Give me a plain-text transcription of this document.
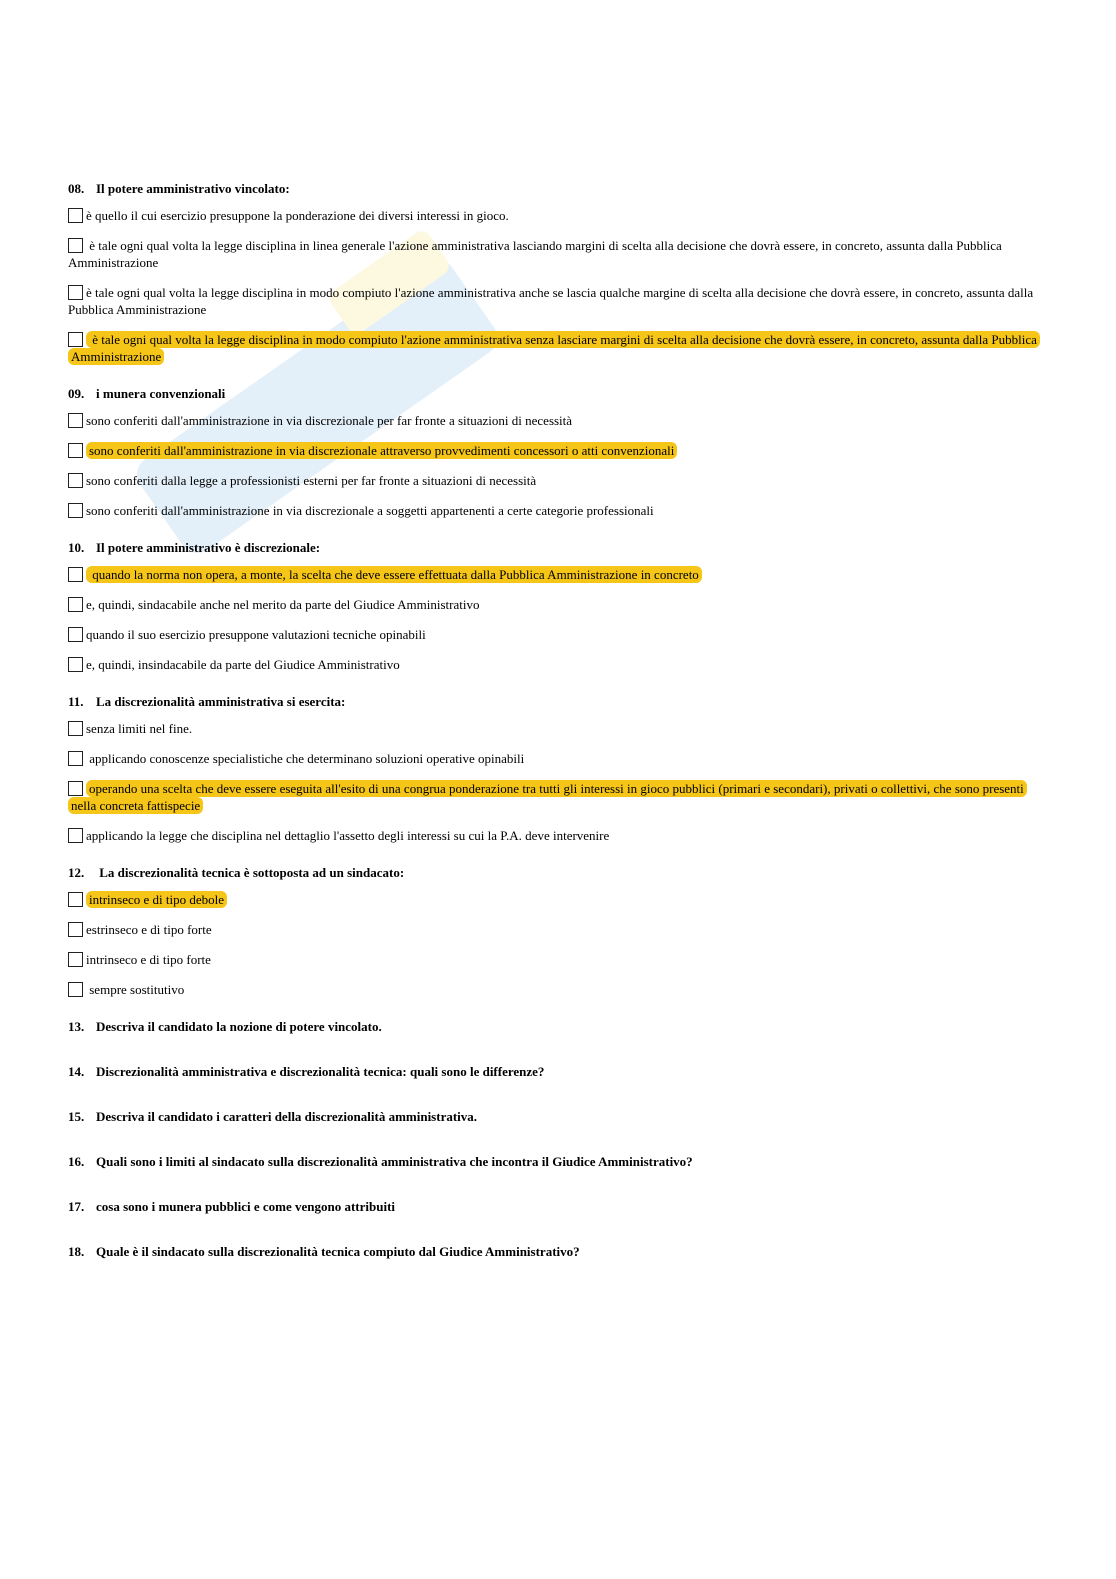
08. Il potere amministrativo vincolato:
è quello il cui esercizio presuppone la ponderazione dei diversi interessi in gioco.
è tale ogni qual volta la legge disciplina in linea generale l'azione amministrativa lasciando margini di scelta alla decisione che dovrà essere, in concreto, assunta dalla Pubblica Amministrazione
è tale ogni qual volta la legge disciplina in modo compiuto l'azione amministrativa anche se lascia qualche margine di scelta alla decisione che dovrà essere, in concreto, assunta dalla Pubblica Amministrazione
è tale ogni qual volta la legge disciplina in modo compiuto l'azione amministrativa senza lasciare margini di scelta alla decisione che dovrà essere, in concreto, assunta dalla Pubblica Amministrazione
09. i munera convenzionali
sono conferiti dall'amministrazione in via discrezionale per far fronte a situazioni di necessità
sono conferiti dall'amministrazione in via discrezionale attraverso provvedimenti concessori o atti convenzionali
sono conferiti dalla legge a professionisti esterni per far fronte a situazioni di necessità
sono conferiti dall'amministrazione in via discrezionale a soggetti appartenenti a certe categorie professionali
10. Il potere amministrativo è discrezionale:
quando la norma non opera, a monte, la scelta che deve essere effettuata dalla Pubblica Amministrazione in concreto
e, quindi, sindacabile anche nel merito da parte del Giudice Amministrativo
quando il suo esercizio presuppone valutazioni tecniche opinabili
e, quindi, insindacabile da parte del Giudice Amministrativo
11. La discrezionalità amministrativa si esercita:
senza limiti nel fine.
applicando conoscenze specialistiche che determinano soluzioni operative opinabili
operando una scelta che deve essere eseguita all'esito di una congrua ponderazione tra tutti gli interessi in gioco pubblici (primari e secondari), privati o collettivi, che sono presenti nella concreta fattispecie
applicando la legge che disciplina nel dettaglio l'assetto degli interessi su cui la P.A. deve intervenire
12. La discrezionalità tecnica è sottoposta ad un sindacato:
intrinseco e di tipo debole
estrinseco e di tipo forte
intrinseco e di tipo forte
sempre sostitutivo
13. Descriva il candidato la nozione di potere vincolato.
14. Discrezionalità amministrativa e discrezionalità tecnica: quali sono le differenze?
15. Descriva il candidato i caratteri della discrezionalità amministrativa.
16. Quali sono i limiti al sindacato sulla discrezionalità amministrativa che incontra il Giudice Amministrativo?
17. cosa sono i munera pubblici e come vengono attribuiti
18. Quale è il sindacato sulla discrezionalità tecnica compiuto dal Giudice Amministrativo?
